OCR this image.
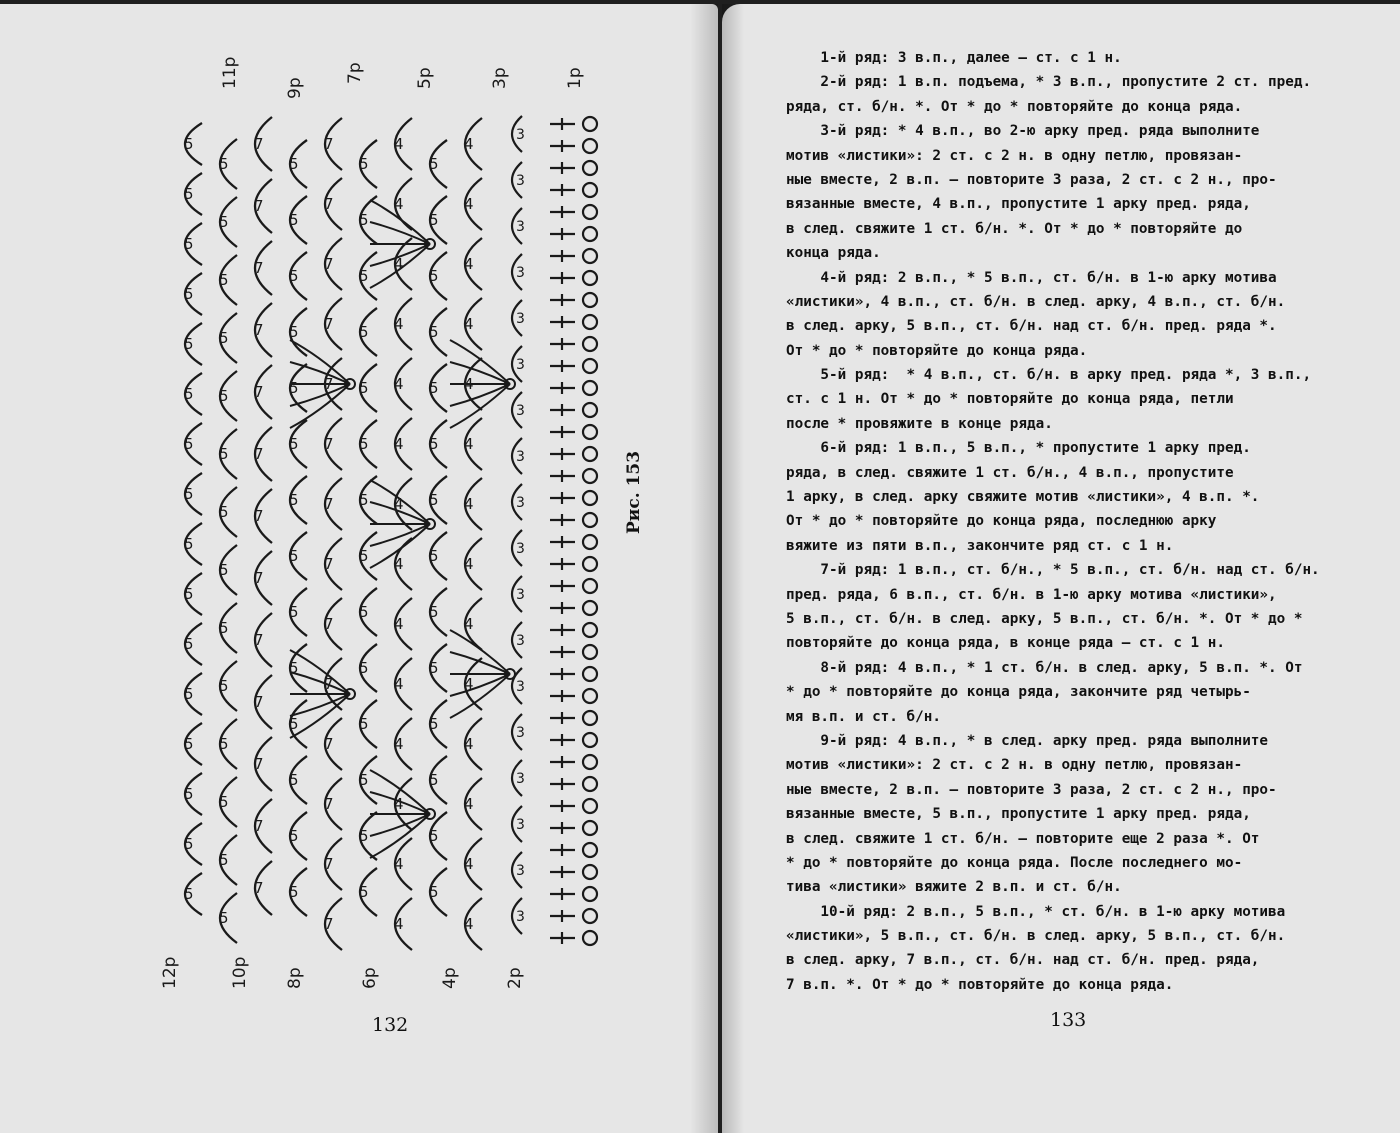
3
3
3
3
3
3
3
3
3
3
3
3
3
3
3
3
3
3
4
4
4
4
4
4
4
4
4
4
4
4
4
4
5
5
5
5
5
5
5
5
5
5
5
5
5
5
4
4
4
4
4
4
4
4
4
4
4
4
4
4
5
5
5
5
5
5
5
5
5
5
5
5
5
5
7
7
7
7
7
7
7
7
7
7
7
7
7
7
5
5
5
5
5
5
5
5
5
5
5
5
5
5
7
7
7
7
7
7
7
7
7
7
7
7
7
5
5
5
5
5
5
5
5
5
5
5
5
5
5
5
5
5
5
5
5
5
5
5
5
5
5
5
5
5
5
11р	9р
7р	5р	3р	1р
12р	10р 8р	6р	4р	2р
Рис. 153
132	133
1-й ряд: 3 в.п., далее — ст. с 1 н.
2-й ряд: 1 в.п. подъема, * 3 в.п., пропустите 2 ст. пред.
ряда, ст. б/н. *. От * до * повторяйте до конца ряда.
3-й ряд: * 4 в.п., во 2-ю арку пред. ряда выполните
мотив «листики»: 2 ст. с 2 н. в одну петлю, провязан-
ные вместе, 2 в.п. — повторите 3 раза, 2 ст. с 2 н., про-
вязанные вместе, 4 в.п., пропустите 1 арку пред. ряда,
в след. свяжите 1 ст. б/н. *. От * до * повторяйте до
конца ряда.
4-й ряд: 2 в.п., * 5 в.п., ст. б/н. в 1-ю арку мотива
«листики», 4 в.п., ст. б/н. в след. арку, 4 в.п., ст. б/н.
в след. арку, 5 в.п., ст. б/н. над ст. б/н. пред. ряда *.
От * до * повторяйте до конца ряда.
5-й ряд:  * 4 в.п., ст. б/н. в арку пред. ряда *, 3 в.п.,
ст. с 1 н. От * до * повторяйте до конца ряда, петли
после * провяжите в конце ряда.
6-й ряд: 1 в.п., 5 в.п., * пропустите 1 арку пред.
ряда, в след. свяжите 1 ст. б/н., 4 в.п., пропустите
1 арку, в след. арку свяжите мотив «листики», 4 в.п. *.
От * до * повторяйте до конца ряда, последнюю арку
вяжите из пяти в.п., закончите ряд ст. с 1 н.
7-й ряд: 1 в.п., ст. б/н., * 5 в.п., ст. б/н. над ст. б/н.
пред. ряда, 6 в.п., ст. б/н. в 1-ю арку мотива «листики»,
5 в.п., ст. б/н. в след. арку, 5 в.п., ст. б/н. *. От * до *
повторяйте до конца ряда, в конце ряда — ст. с 1 н.
8-й ряд: 4 в.п., * 1 ст. б/н. в след. арку, 5 в.п. *. От
* до * повторяйте до конца ряда, закончите ряд четырь-
мя в.п. и ст. б/н.
9-й ряд: 4 в.п., * в след. арку пред. ряда выполните
мотив «листики»: 2 ст. с 2 н. в одну петлю, провязан-
ные вместе, 2 в.п. — повторите 3 раза, 2 ст. с 2 н., про-
вязанные вместе, 5 в.п., пропустите 1 арку пред. ряда,
в след. свяжите 1 ст. б/н. — повторите еще 2 раза *. От
* до * повторяйте до конца ряда. После последнего мо-
тива «листики» вяжите 2 в.п. и ст. б/н.
10-й ряд: 2 в.п., 5 в.п., * ст. б/н. в 1-ю арку мотива
«листики», 5 в.п., ст. б/н. в след. арку, 5 в.п., ст. б/н.
в след. арку, 7 в.п., ст. б/н. над ст. б/н. пред. ряда,
7 в.п. *. От * до * повторяйте до конца ряда.
